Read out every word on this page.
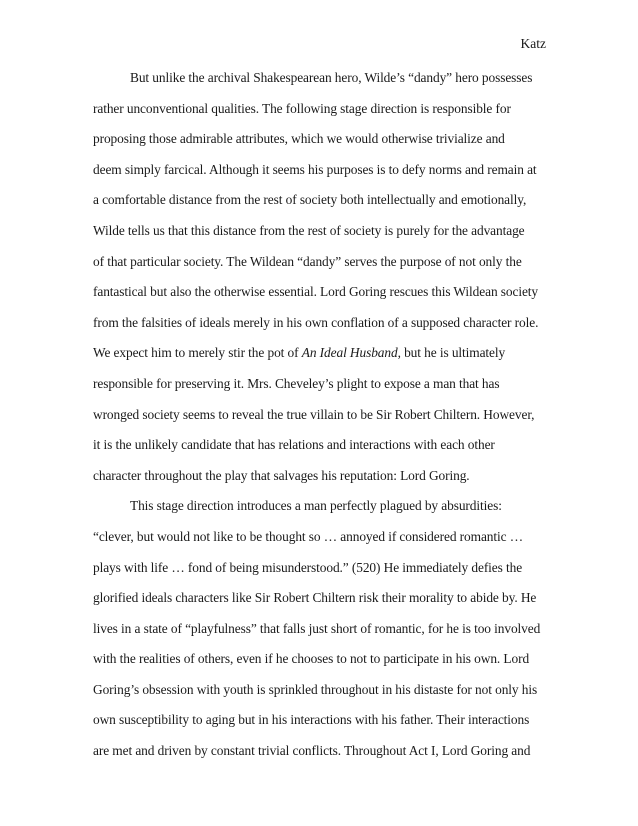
Katz
But unlike the archival Shakespearean hero, Wilde’s “dandy” hero possesses
rather unconventional qualities. The following stage direction is responsible for
proposing those admirable attributes, which we would otherwise trivialize and
deem simply farcical. Although it seems his purposes is to defy norms and remain at
a comfortable distance from the rest of society both intellectually and emotionally,
Wilde tells us that this distance from the rest of society is purely for the advantage
of that particular society. The Wildean “dandy” serves the purpose of not only the
fantastical but also the otherwise essential. Lord Goring rescues this Wildean society
from the falsities of ideals merely in his own conflation of a supposed character role.
We expect him to merely stir the pot of An Ideal Husband, but he is ultimately
responsible for preserving it. Mrs. Cheveley’s plight to expose a man that has
wronged society seems to reveal the true villain to be Sir Robert Chiltern. However,
it is the unlikely candidate that has relations and interactions with each other
character throughout the play that salvages his reputation: Lord Goring.
This stage direction introduces a man perfectly plagued by absurdities:
“clever, but would not like to be thought so … annoyed if considered romantic …
plays with life … fond of being misunderstood.” (520) He immediately defies the
glorified ideals characters like Sir Robert Chiltern risk their morality to abide by. He
lives in a state of “playfulness” that falls just short of romantic, for he is too involved
with the realities of others, even if he chooses to not to participate in his own. Lord
Goring’s obsession with youth is sprinkled throughout in his distaste for not only his
own susceptibility to aging but in his interactions with his father. Their interactions
are met and driven by constant trivial conflicts. Throughout Act I, Lord Goring and
